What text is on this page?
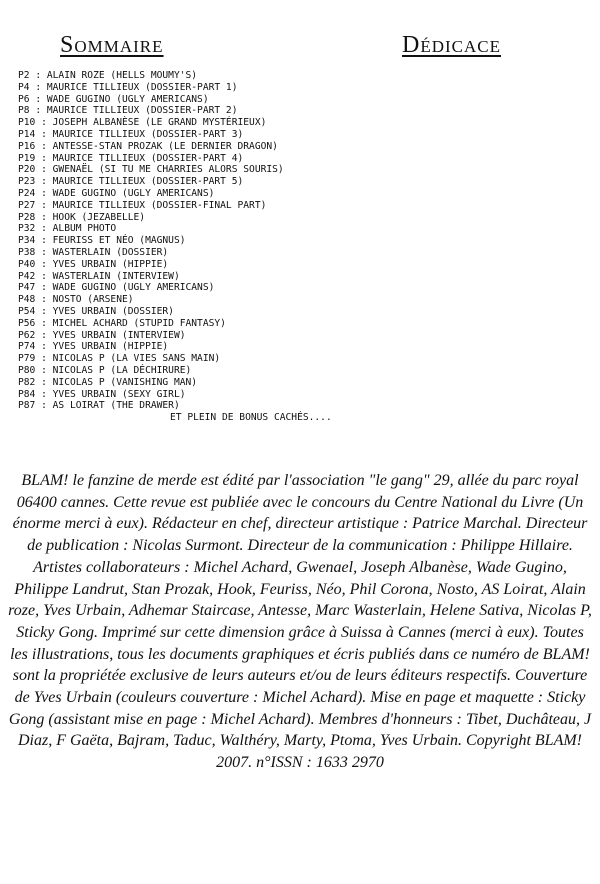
Sommaire	Dédicace
P2 : ALAIN ROZE (HELLS MOUMY'S)
P4 : MAURICE TILLIEUX (DOSSIER-PART 1)
P6 : WADE GUGINO (UGLY AMERICANS)
P8 : MAURICE TILLIEUX (DOSSIER-PART 2)
P10 : JOSEPH ALBANÈSE (LE GRAND MYSTÉRIEUX)
P14 : MAURICE TILLIEUX (DOSSIER-PART 3)
P16 : ANTESSE-STAN PROZAK (LE DERNIER DRAGON)
P19 : MAURICE TILLIEUX (DOSSIER-PART 4)
P20 : GWENAËL (SI TU ME CHARRIES ALORS SOURIS)
P23 : MAURICE TILLIEUX (DOSSIER-PART 5)
P24 : WADE GUGINO (UGLY AMERICANS)
P27 : MAURICE TILLIEUX (DOSSIER-FINAL PART)
P28 : HOOK (JEZABELLE)
P32 : ALBUM PHOTO
P34 : FEURISS ET NÉO (MAGNUS)
P38 : WASTERLAIN (DOSSIER)
P40 : YVES URBAIN (HIPPIE)
P42 : WASTERLAIN (INTERVIEW)
P47 : WADE GUGINO (UGLY AMERICANS)
P48 : NOSTO (ARSENE)
P54 : YVES URBAIN (DOSSIER)
P56 : MICHEL ACHARD (STUPID FANTASY)
P62 : YVES URBAIN (INTERVIEW)
P74 : YVES URBAIN (HIPPIE)
P79 : NICOLAS P (LA VIES SANS MAIN)
P80 : NICOLAS P (LA DÉCHIRURE)
P82 : NICOLAS P (VANISHING MAN)
P84 : YVES URBAIN (SEXY GIRL)
P87 : AS LOIRAT (THE DRAWER)
ET PLEIN DE BONUS CACHÉS....

BLAM! le fanzine de merde est édité par l'association "le gang" 29, allée du parc royal 06400 cannes. Cette revue est publiée avec le concours du Centre National du Livre (Un énorme merci à eux). Rédacteur en chef, directeur artistique : Patrice Marchal. Directeur de publication : Nicolas Surmont. Directeur de la communication : Philippe Hillaire. Artistes collaborateurs : Michel Achard, Gwenael, Joseph Albanèse, Wade Gugino, Philippe Landrut, Stan Prozak, Hook, Feuriss, Néo, Phil Corona, Nosto, AS Loirat, Alain roze, Yves Urbain, Adhemar Staircase, Antesse, Marc Wasterlain, Helene Sativa, Nicolas P, Sticky Gong. Imprimé sur cette dimension grâce à Suissa à Cannes (merci à eux). Toutes les illustrations, tous les documents graphiques et écris publiés dans ce numéro de BLAM! sont la propriétée exclusive de leurs auteurs et/ou de leurs éditeurs respectifs. Couverture de Yves Urbain (couleurs couverture : Michel Achard). Mise en page et maquette : Sticky Gong (assistant mise en page : Michel Achard). Membres d'honneurs : Tibet, Duchâteau, J Diaz, F Gaëta, Bajram, Taduc, Walthéry, Marty, Ptoma, Yves Urbain. Copyright BLAM! 2007. n°ISSN : 1633 2970
